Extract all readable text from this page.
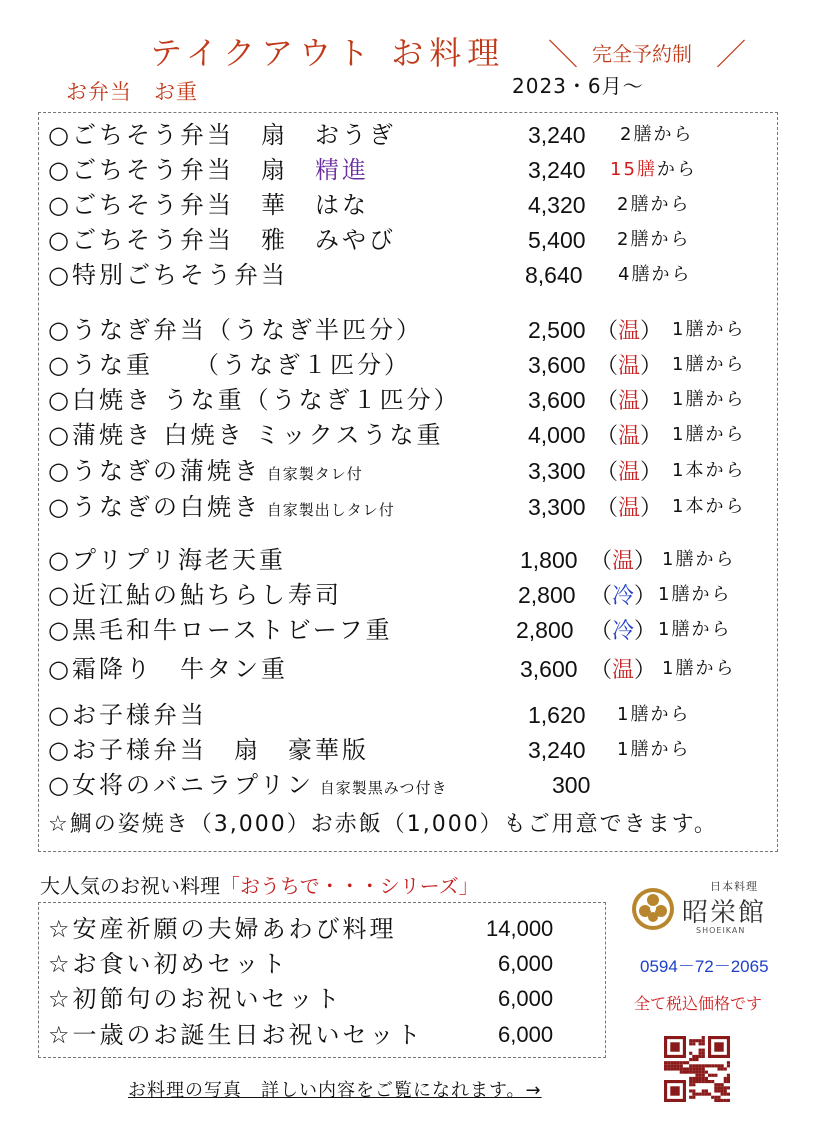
テイクアウト お料理 ＼ 完全予約制 ／
お弁当　お重	2023・6月～
○ごちそう弁当　扇　おうぎ	3,240 2膳から
○ごちそう弁当　扇　精進	3,240 15膳から
○ごちそう弁当　華　はな	4,320 2膳から
○ごちそう弁当　雅　みやび	5,400 2膳から
○特別ごちそう弁当	8,640 4膳から
○うなぎ弁当（うなぎ半匹分）	2,500 （温） 1膳から
○うな重　　（うなぎ１匹分）	3,600 （温） 1膳から
○白焼き うな重（うなぎ１匹分）	3,600 （温） 1膳から
○蒲焼き 白焼き ミックスうな重	4,000 （温） 1膳から
○うなぎの蒲焼き 自家製タレ付	3,300 （温） 1本から
○うなぎの白焼き 自家製出しタレ付	3,300 （温） 1本から
○プリプリ海老天重	1,800 （温） 1膳から
○近江鮎の鮎ちらし寿司	2,800 （冷） 1膳から
○黒毛和牛ローストビーフ重	2,800 （冷） 1膳から
○霜降り　牛タン重	3,600 （温） 1膳から
○お子様弁当	1,620 1膳から
○お子様弁当　扇　豪華版	3,240 1膳から
○女将のバニラプリン 自家製黒みつ付き	300
☆鯛の姿焼き（3,000）お赤飯（1,000）もご用意できます。
大人気のお祝い料理「おうちで・・・シリーズ」
☆安産祈願の夫婦あわび料理	14,000
☆お食い初めセット	6,000
☆初節句のお祝いセット	6,000
☆一歳のお誕生日お祝いセット	6,000
日本料理
昭栄館
SHOEIKAN
0594－72－2065
全て税込価格です
お料理の写真　詳しい内容をご覧になれます。→
